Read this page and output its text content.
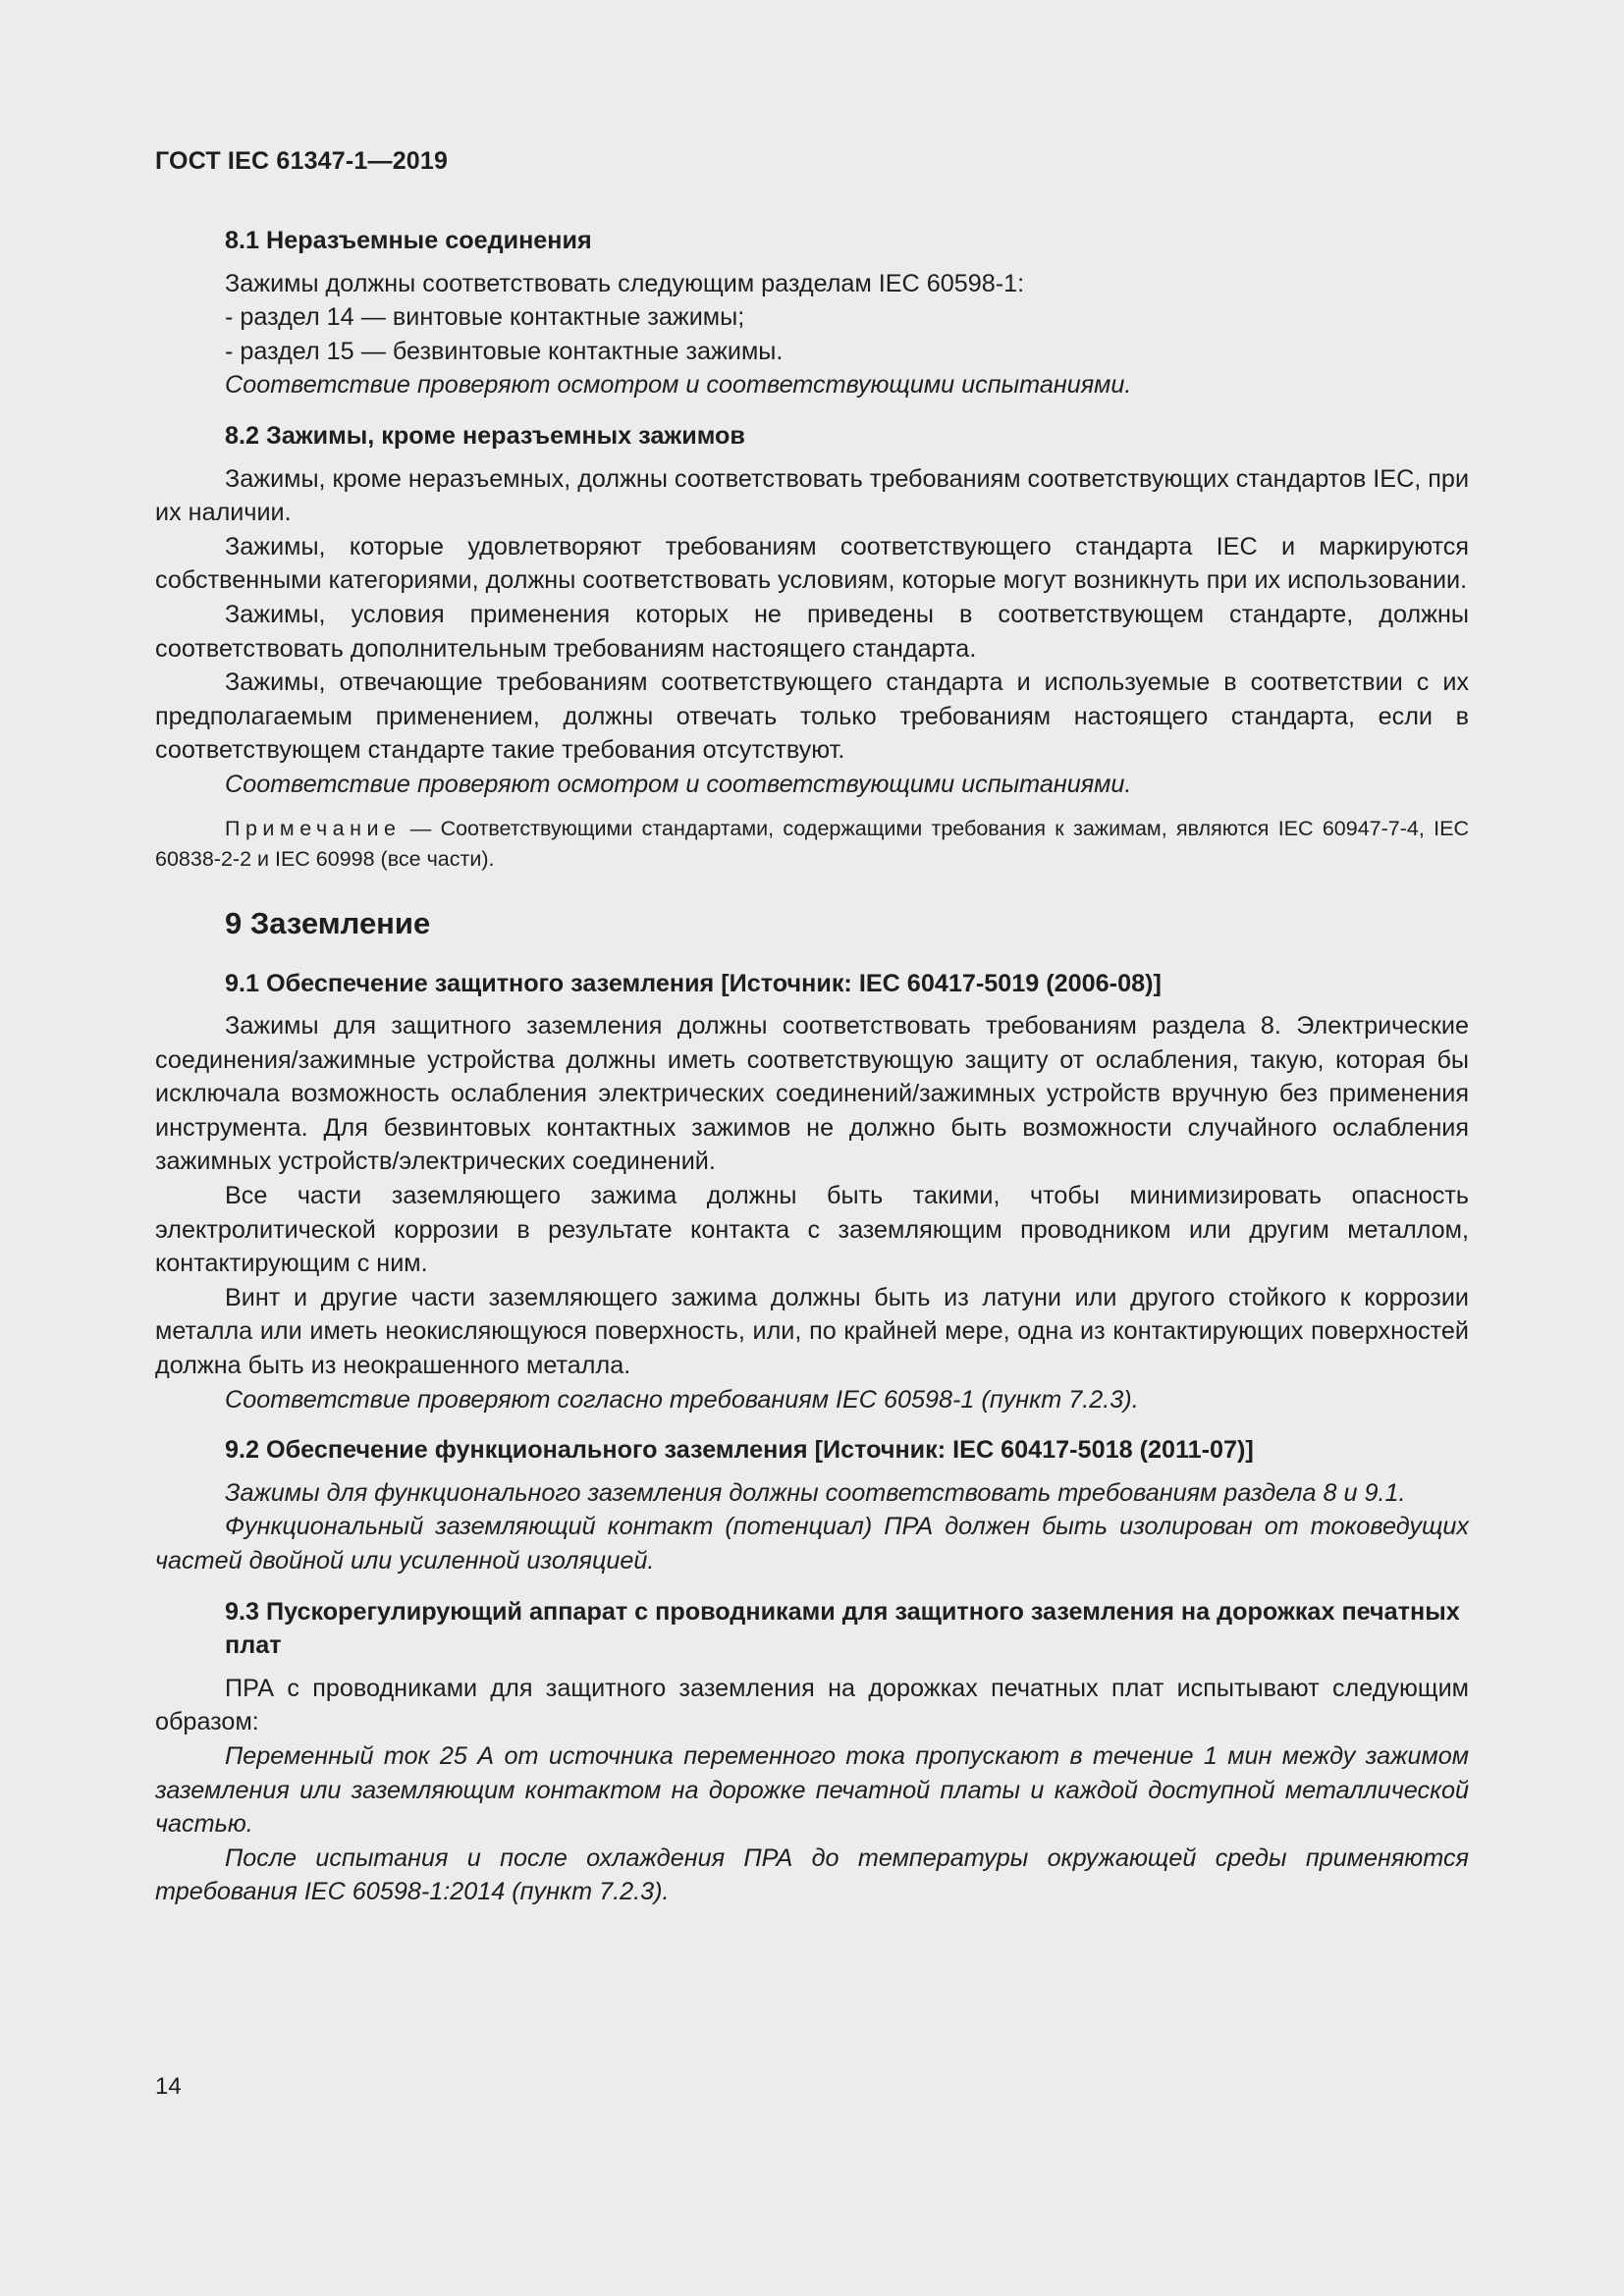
ГОСТ IEC 61347-1—2019
8.1 Неразъемные соединения

Зажимы должны соответствовать следующим разделам IEC 60598-1:

- раздел 14 — винтовые контактные зажимы;

- раздел 15 — безвинтовые контактные зажимы.

Соответствие проверяют осмотром и соответствующими испытаниями.

8.2 Зажимы, кроме неразъемных зажимов

Зажимы, кроме неразъемных, должны соответствовать требованиям соответствующих стандартов IEC, при их наличии.

Зажимы, которые удовлетворяют требованиям соответствующего стандарта IEC и маркируются собственными категориями, должны соответствовать условиям, которые могут возникнуть при их использовании.

Зажимы, условия применения которых не приведены в соответствующем стандарте, должны соответствовать дополнительным требованиям настоящего стандарта.

Зажимы, отвечающие требованиям соответствующего стандарта и используемые в соответствии с их предполагаемым применением, должны отвечать только требованиям настоящего стандарта, если в соответствующем стандарте такие требования отсутствуют.

Соответствие проверяют осмотром и соответствующими испытаниями.

Примечание — Соответствующими стандартами, содержащими требования к зажимам, являются IEC 60947-7-4, IEC 60838-2-2 и IEC 60998 (все части).

9 Заземление
9.1 Обеспечение защитного заземления [Источник: IEC 60417-5019 (2006-08)]

Зажимы для защитного заземления должны соответствовать требованиям раздела 8. Электрические соединения/зажимные устройства должны иметь соответствующую защиту от ослабления, такую, которая бы исключала возможность ослабления электрических соединений/зажимных устройств вручную без применения инструмента. Для безвинтовых контактных зажимов не должно быть возможности случайного ослабления зажимных устройств/электрических соединений.

Все части заземляющего зажима должны быть такими, чтобы минимизировать опасность электролитической коррозии в результате контакта с заземляющим проводником или другим металлом, контактирующим с ним.

Винт и другие части заземляющего зажима должны быть из латуни или другого стойкого к коррозии металла или иметь неокисляющуюся поверхность, или, по крайней мере, одна из контактирующих поверхностей должна быть из неокрашенного металла.

Соответствие проверяют согласно требованиям IEC 60598-1 (пункт 7.2.3).

9.2 Обеспечение функционального заземления [Источник: IEC 60417-5018 (2011-07)]

Зажимы для функционального заземления должны соответствовать требованиям раздела 8 и 9.1.

Функциональный заземляющий контакт (потенциал) ПРА должен быть изолирован от токоведущих частей двойной или усиленной изоляцией.

9.3 Пускорегулирующий аппарат с проводниками для защитного заземления на дорожках печатных плат

ПРА с проводниками для защитного заземления на дорожках печатных плат испытывают следующим образом:

Переменный ток 25 А от источника переменного тока пропускают в течение 1 мин между зажимом заземления или заземляющим контактом на дорожке печатной платы и каждой доступной металлической частью.

После испытания и после охлаждения ПРА до температуры окружающей среды применяются требования IEC 60598-1:2014 (пункт 7.2.3).

14
